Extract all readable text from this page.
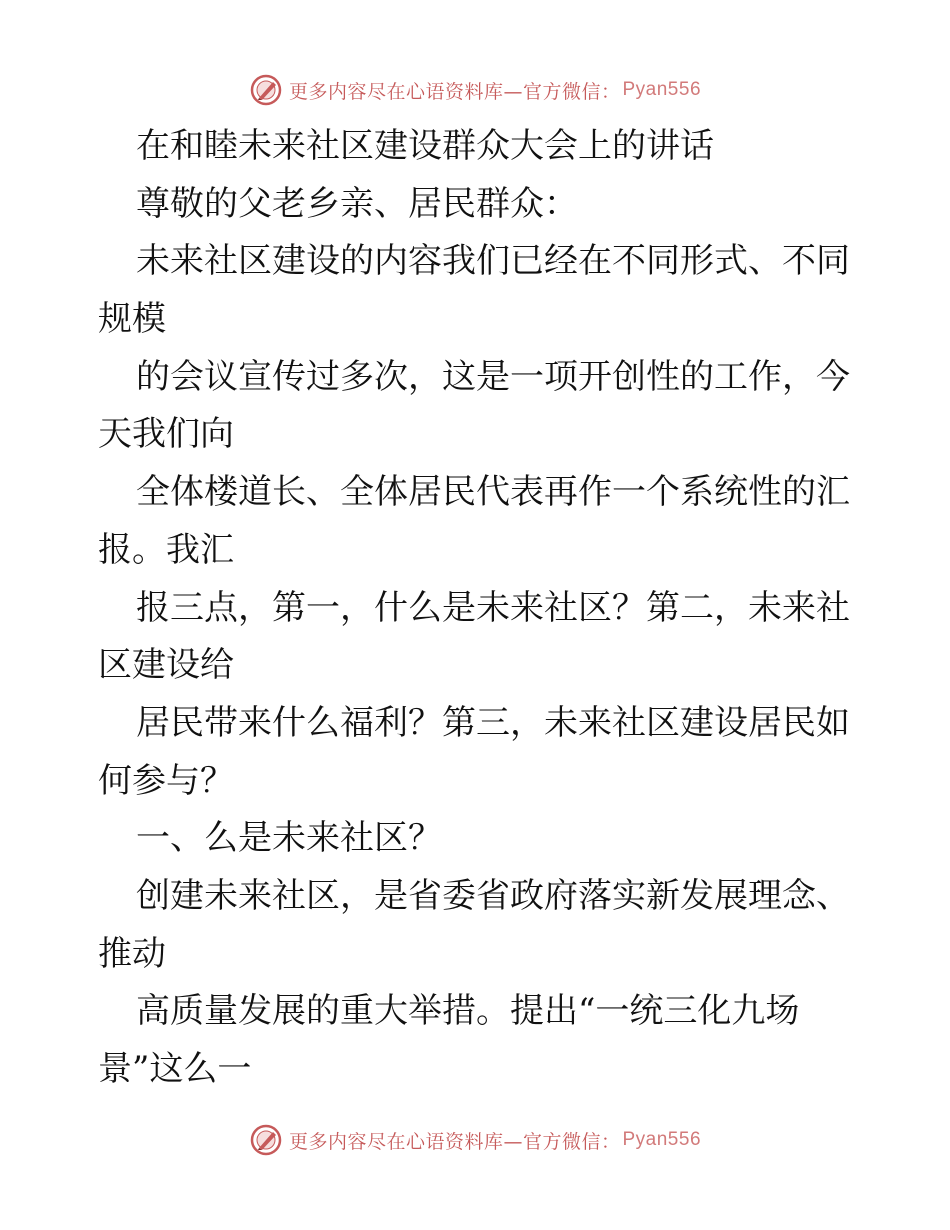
更多内容尽在心语资料库—官方微信： Pyan556
在和睦未来社区建设群众大会上的讲话
尊敬的父老乡亲、居民群众：
未来社区建设的内容我们已经在不同形式、不同
规模
的会议宣传过多次，这是一项开创性的工作，今
天我们向
全体楼道长、全体居民代表再作一个系统性的汇
报。我汇
报三点，第一，什么是未来社区？第二，未来社
区建设给
居民带来什么福利？第三，未来社区建设居民如
何参与？
一、么是未来社区？
创建未来社区，是省委省政府落实新发展理念、
推动
高质量发展的重大举措。提出“一统三化九场
景”这么一
更多内容尽在心语资料库—官方微信： Pyan556
